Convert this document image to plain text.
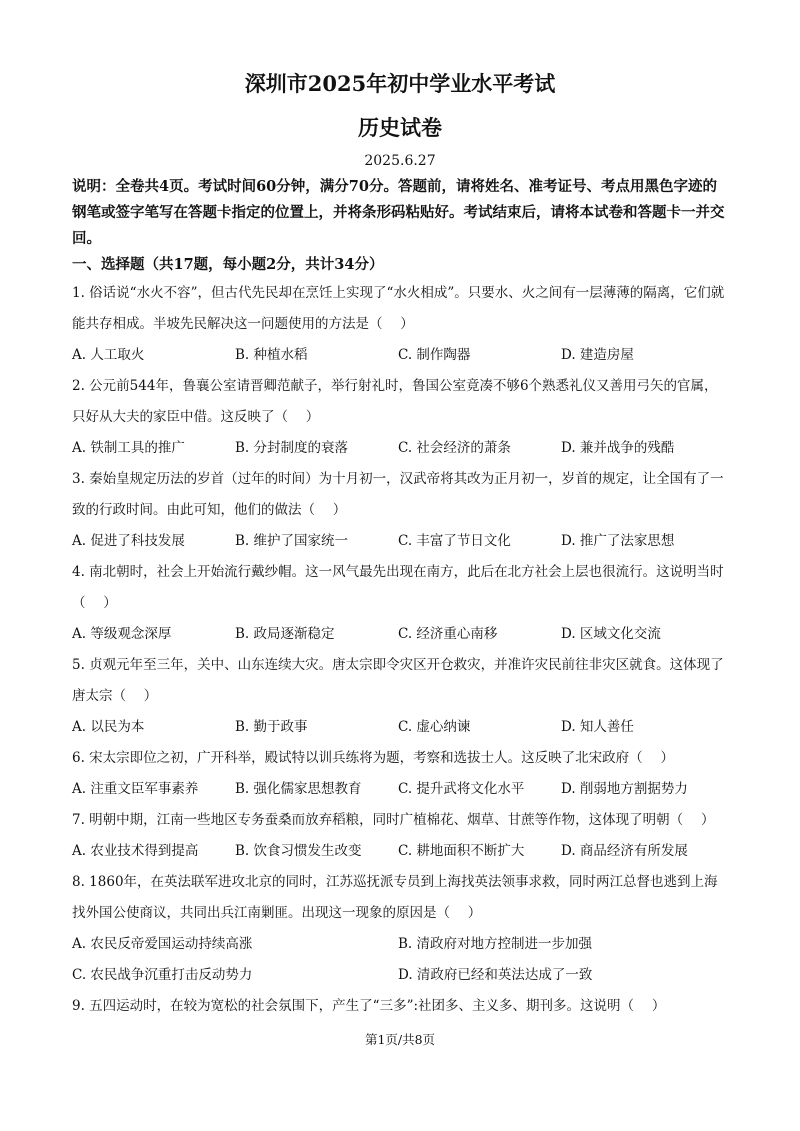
深圳市2025年初中学业水平考试
历史试卷
2025.6.27
说明：全卷共4页。考试时间60分钟，满分70分。答题前，请将姓名、准考证号、考点用黑色字迹的钢笔或签字笔写在答题卡指定的位置上，并将条形码粘贴好。考试结束后，请将本试卷和答题卡一并交回。
一、选择题（共17题，每小题2分，共计34分）
1. 俗话说“水火不容”，但古代先民却在烹饪上实现了“水火相成”。只要水、火之间有一层薄薄的隔离，它们就能共存相成。半坡先民解决这一问题使用的方法是（　 ）
A. 人工取火	B. 种植水稻	C. 制作陶器	D. 建造房屋
2. 公元前544年，鲁襄公室请晋卿范献子，举行射礼时，鲁国公室竟凑不够6个熟悉礼仪又善用弓矢的官属，只好从大夫的家臣中借。这反映了（　 ）
A. 铁制工具的推广	B. 分封制度的衰落	C. 社会经济的萧条	D. 兼并战争的残酷
3. 秦始皇规定历法的岁首（过年的时间）为十月初一，汉武帝将其改为正月初一，岁首的规定，让全国有了一致的行政时间。由此可知，他们的做法（　 ）
A. 促进了科技发展	B. 维护了国家统一	C. 丰富了节日文化	D. 推广了法家思想
4. 南北朝时，社会上开始流行戴纱帽。这一风气最先出现在南方，此后在北方社会上层也很流行。这说明当时（　 ）
A. 等级观念深厚	B. 政局逐渐稳定	C. 经济重心南移	D. 区域文化交流
5. 贞观元年至三年，关中、山东连续大灾。唐太宗即令灾区开仓救灾，并准许灾民前往非灾区就食。这体现了唐太宗（　 ）
A. 以民为本	B. 勤于政事	C. 虚心纳谏	D. 知人善任
6. 宋太宗即位之初，广开科举，殿试特以训兵练将为题，考察和选拔士人。这反映了北宋政府（　 ）
A. 注重文臣军事素养	B. 强化儒家思想教育	C. 提升武将文化水平	D. 削弱地方割据势力
7. 明朝中期，江南一些地区专务蚕桑而放弃稻粮，同时广植棉花、烟草、甘蔗等作物，这体现了明朝（　 ）
A. 农业技术得到提高	B. 饮食习惯发生改变	C. 耕地面积不断扩大	D. 商品经济有所发展
8. 1860年，在英法联军进攻北京的同时，江苏巡抚派专员到上海找英法领事求救，同时两江总督也逃到上海找外国公使商议，共同出兵江南剿匪。出现这一现象的原因是（　 ）
A. 农民反帝爱国运动持续高涨	B. 清政府对地方控制进一步加强
C. 农民战争沉重打击反动势力	D. 清政府已经和英法达成了一致
9. 五四运动时，在较为宽松的社会氛围下，产生了“三多”:社团多、主义多、期刊多。这说明（　 ）
第1页/共8页
